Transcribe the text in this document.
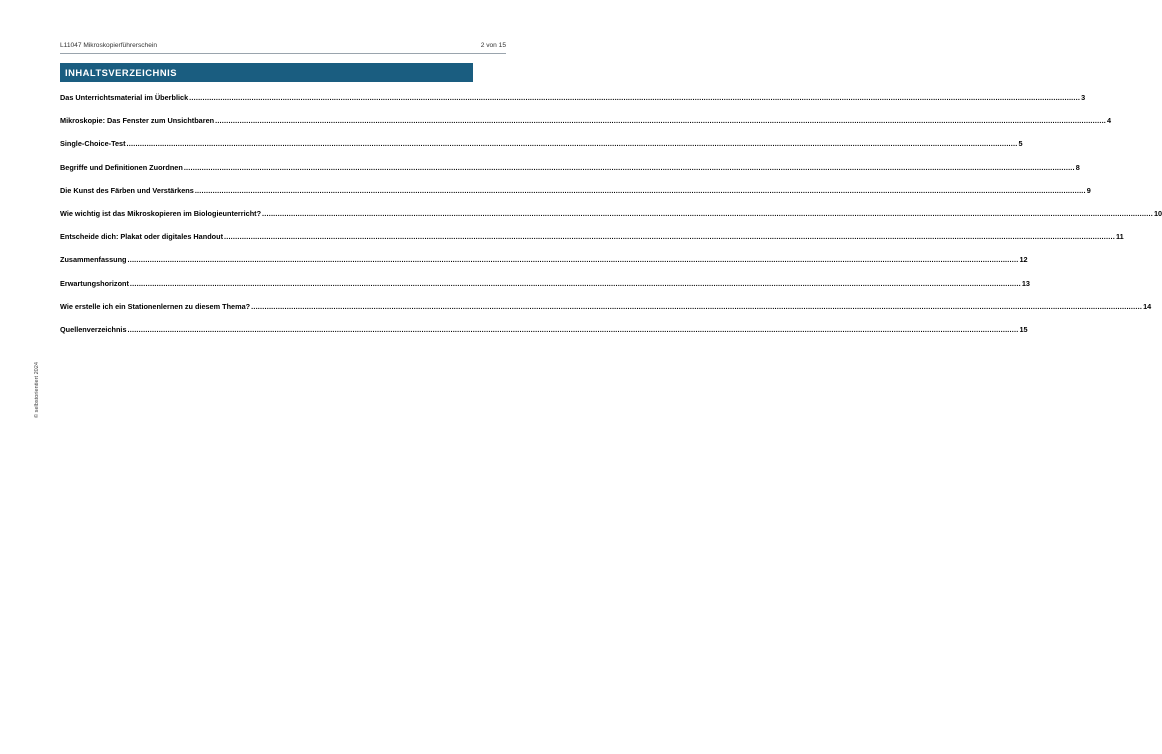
L11047 Mikroskopierführerschein	2 von 15
INHALTSVERZEICHNIS
Das Unterrichtsmaterial im Überblick ................................................................................................................................................................................................................................................................................................................................................................................................................ 3
Mikroskopie: Das Fenster zum Unsichtbaren ................................................................................................................................................................................................................................................................................................................................................................................................................ 4
Single-Choice-Test ................................................................................................................................................................................................................................................................................................................................................................................................................ 5
Begriffe und Definitionen Zuordnen ................................................................................................................................................................................................................................................................................................................................................................................................................ 8
Die Kunst des Färben und Verstärkens ................................................................................................................................................................................................................................................................................................................................................................................................................ 9
Wie wichtig ist das Mikroskopieren im Biologieunterricht? ................................................................................................................................................................................................................................................................................................................................................................................................................ 10
Entscheide dich: Plakat oder digitales Handout ................................................................................................................................................................................................................................................................................................................................................................................................................ 11
Zusammenfassung ................................................................................................................................................................................................................................................................................................................................................................................................................ 12
Erwartungshorizont ................................................................................................................................................................................................................................................................................................................................................................................................................ 13
Wie erstelle ich ein Stationenlernen zu diesem Thema? ................................................................................................................................................................................................................................................................................................................................................................................................................ 14
Quellenverzeichnis ................................................................................................................................................................................................................................................................................................................................................................................................................ 15
© selbstorientiert 2024
